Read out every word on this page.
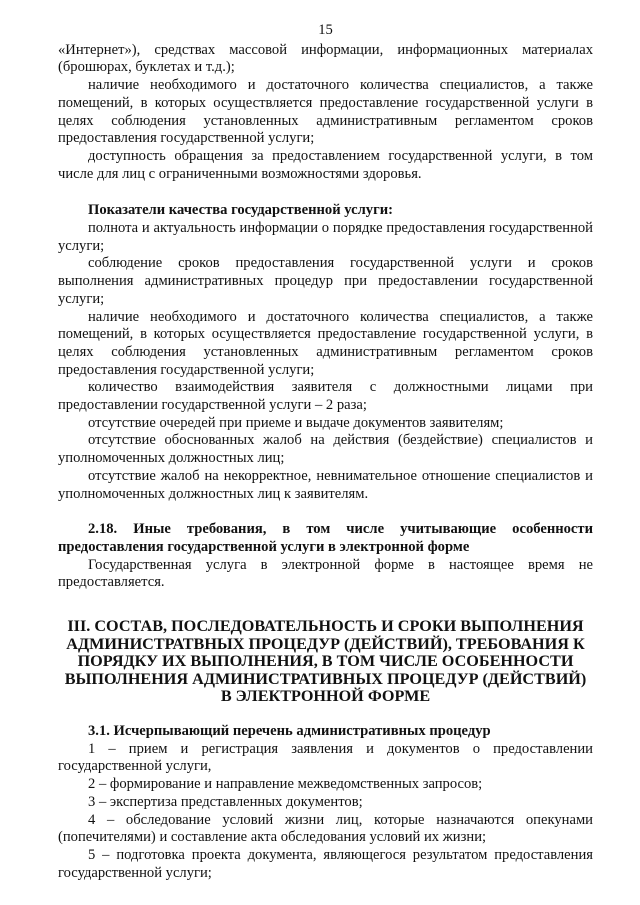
15

«Интернет»), средствах массовой информации, информационных материалах (брошюрах, буклетах и т.д.);

наличие необходимого и достаточного количества специалистов, а также помещений, в которых осуществляется предоставление государственной услуги в целях соблюдения установленных административным регламентом сроков предоставления государственной услуги;

доступность обращения за предоставлением государственной услуги, в том числе для лиц с ограниченными возможностями здоровья.

Показатели качества государственной услуги:

полнота и актуальность информации о порядке предоставления государственной услуги;

соблюдение сроков предоставления государственной услуги и сроков выполнения административных процедур при предоставлении государственной услуги;

наличие необходимого и достаточного количества специалистов, а также помещений, в которых осуществляется предоставление государственной услуги, в целях соблюдения установленных административным регламентом сроков предоставления государственной услуги;

количество взаимодействия заявителя с должностными лицами при предоставлении государственной услуги – 2 раза;

отсутствие очередей при приеме и выдаче документов заявителям;

отсутствие обоснованных жалоб на действия (бездействие) специалистов и уполномоченных должностных лиц;

отсутствие жалоб на некорректное, невнимательное отношение специалистов и уполномоченных должностных лиц к заявителям.

2.18. Иные требования, в том числе учитывающие особенности предоставления государственной услуги в электронной форме

Государственная услуга в электронной форме в настоящее время не предоставляется.

III. СОСТАВ, ПОСЛЕДОВАТЕЛЬНОСТЬ И СРОКИ ВЫПОЛНЕНИЯ АДМИНИСТРАТВНЫХ ПРОЦЕДУР (ДЕЙСТВИЙ), ТРЕБОВАНИЯ К ПОРЯДКУ ИХ ВЫПОЛНЕНИЯ, В ТОМ ЧИСЛЕ ОСОБЕННОСТИ ВЫПОЛНЕНИЯ АДМИНИСТРАТИВНЫХ ПРОЦЕДУР (ДЕЙСТВИЙ) В ЭЛЕКТРОННОЙ ФОРМЕ

3.1. Исчерпывающий перечень административных процедур

1 – прием и регистрация заявления и документов о предоставлении государственной услуги,

2 – формирование и направление межведомственных запросов;

3 – экспертиза представленных документов;

4 – обследование условий жизни лиц, которые назначаются опекунами (попечителями) и составление акта обследования условий их жизни;

5 – подготовка проекта документа, являющегося результатом предоставления государственной услуги;
